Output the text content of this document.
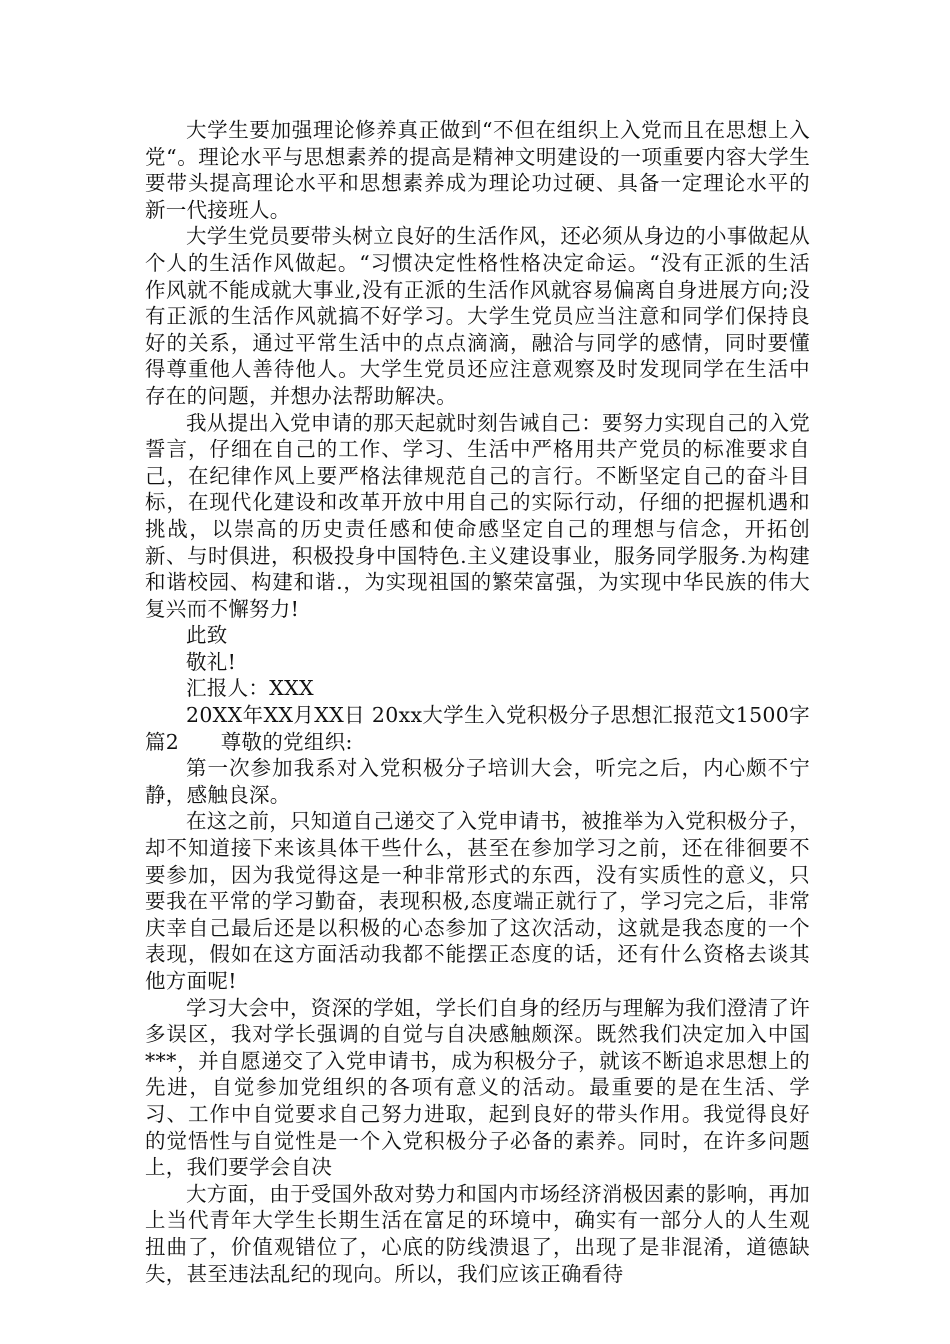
大学生要加强理论修养真正做到“不但在组织上入党而且在思想上入党“。理论水平与思想素养的提高是精神文明建设的一项重要内容大学生要带头提高理论水平和思想素养成为理论功过硬、具备一定理论水平的新一代接班人。

大学生党员要带头树立良好的生活作风，还必须从身边的小事做起从个人的生活作风做起。“习惯决定性格性格决定命运。“没有正派的生活作风就不能成就大事业,没有正派的生活作风就容易偏离自身进展方向;没有正派的生活作风就搞不好学习。大学生党员应当注意和同学们保持良好的关系，通过平常生活中的点点滴滴，融洽与同学的感情，同时要懂得尊重他人善待他人。大学生党员还应注意观察及时发现同学在生活中存在的问题，并想办法帮助解决。

我从提出入党申请的那天起就时刻告诫自己：要努力实现自己的入党誓言，仔细在自己的工作、学习、生活中严格用共产党员的标准要求自己，在纪律作风上要严格法律规范自己的言行。不断坚定自己的奋斗目标，在现代化建设和改革开放中用自己的实际行动，仔细的把握机遇和挑战，以崇高的历史责任感和使命感坚定自己的理想与信念，开拓创新、与时俱进，积极投身中国特色.主义建设事业，服务同学服务.为构建和谐校园、构建和谐.，为实现祖国的繁荣富强，为实现中华民族的伟大复兴而不懈努力!

此致

敬礼!

汇报人：XXX

20XX年XX月XX日 20xx大学生入党积极分子思想汇报范文1500字篇2　　尊敬的党组织:

第一次参加我系对入党积极分子培训大会，听完之后，内心颇不宁静，感触良深。

在这之前，只知道自己递交了入党申请书，被推举为入党积极分子，却不知道接下来该具体干些什么，甚至在参加学习之前，还在徘徊要不要参加，因为我觉得这是一种非常形式的东西，没有实质性的意义，只要我在平常的学习勤奋，表现积极,态度端正就行了，学习完之后，非常庆幸自己最后还是以积极的心态参加了这次活动，这就是我态度的一个表现，假如在这方面活动我都不能摆正态度的话，还有什么资格去谈其他方面呢!

学习大会中，资深的学姐，学长们自身的经历与理解为我们澄清了许多误区，我对学长强调的自觉与自决感触颇深。既然我们决定加入中国***，并自愿递交了入党申请书，成为积极分子，就该不断追求思想上的先进，自觉参加党组织的各项有意义的活动。最重要的是在生活、学习、工作中自觉要求自己努力进取，起到良好的带头作用。我觉得良好的觉悟性与自觉性是一个入党积极分子必备的素养。同时，在许多问题上，我们要学会自决

大方面，由于受国外敌对势力和国内市场经济消极因素的影响，再加上当代青年大学生长期生活在富足的环境中，确实有一部分人的人生观扭曲了，价值观错位了，心底的防线溃退了，出现了是非混淆，道德缺失，甚至违法乱纪的现向。所以，我们应该正确看待
